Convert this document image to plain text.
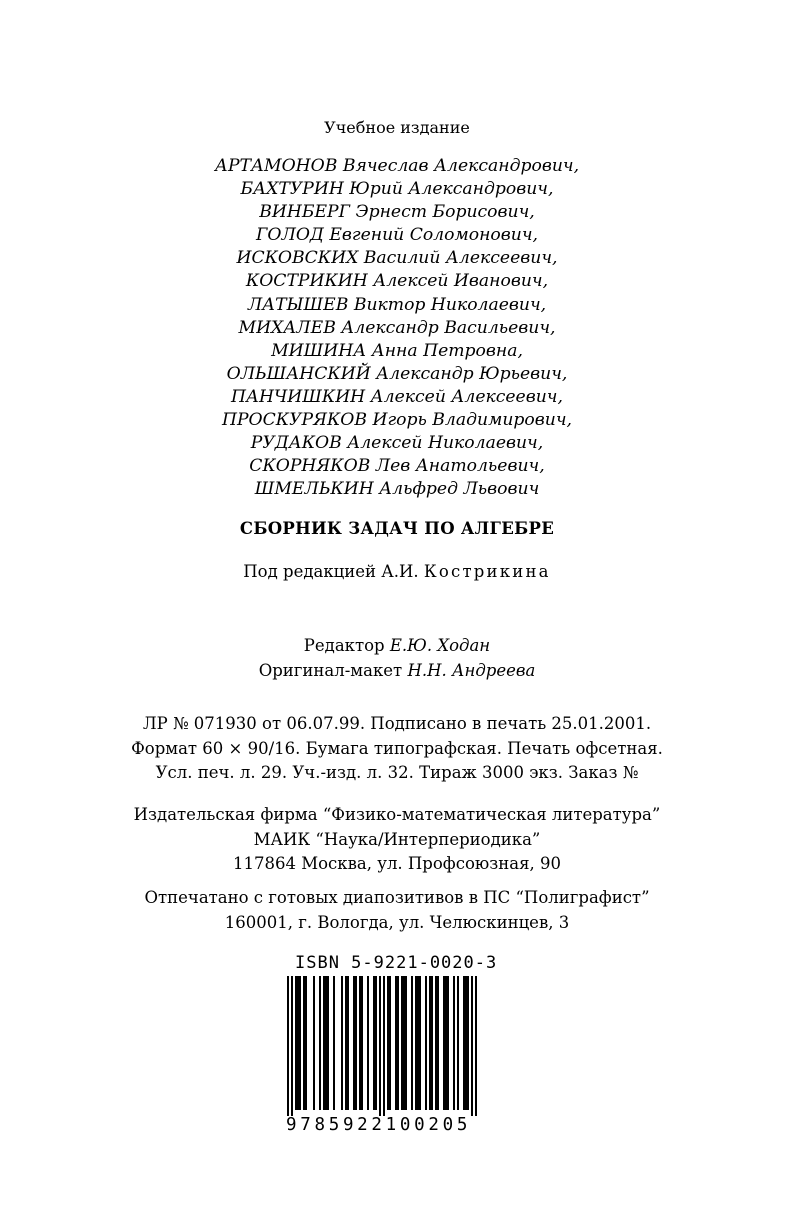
Учебное издание
АРТАМОНОВ Вячеслав Александрович,
БАХТУРИН Юрий Александрович,
ВИНБЕРГ Эрнест Борисович,
ГОЛОД Евгений Соломонович,
ИСКОВСКИХ Василий Алексеевич,
КОСТРИКИН Алексей Иванович,
ЛАТЫШЕВ Виктор Николаевич,
МИХАЛЕВ Александр Васильевич,
МИШИНА Анна Петровна,
ОЛЬШАНСКИЙ Александр Юрьевич,
ПАНЧИШКИН Алексей Алексеевич,
ПРОСКУРЯКОВ Игорь Владимирович,
РУДАКОВ Алексей Николаевич,
СКОРНЯКОВ Лев Анатольевич,
ШМЕЛЬКИН Альфред Львович
СБОРНИК ЗАДАЧ ПО АЛГЕБРЕ
Под редакцией А.И. Кострикина
Редактор Е.Ю. Ходан
Оригинал-макет Н.Н. Андреева
ЛР № 071930 от 06.07.99. Подписано в печать 25.01.2001.
Формат 60 × 90/16. Бумага типографская. Печать офсетная.
Усл. печ. л. 29. Уч.-изд. л. 32. Тираж 3000 экз. Заказ №
Издательская фирма “Физико-математическая литература”
МАИК “Наука/Интерпериодика”
117864 Москва, ул. Профсоюзная, 90
Отпечатано с готовых диапозитивов в ПС “Полиграфист”
160001, г. Вологда, ул. Челюскинцев, 3
ISBN 5-9221-0020-3
9785922100205
